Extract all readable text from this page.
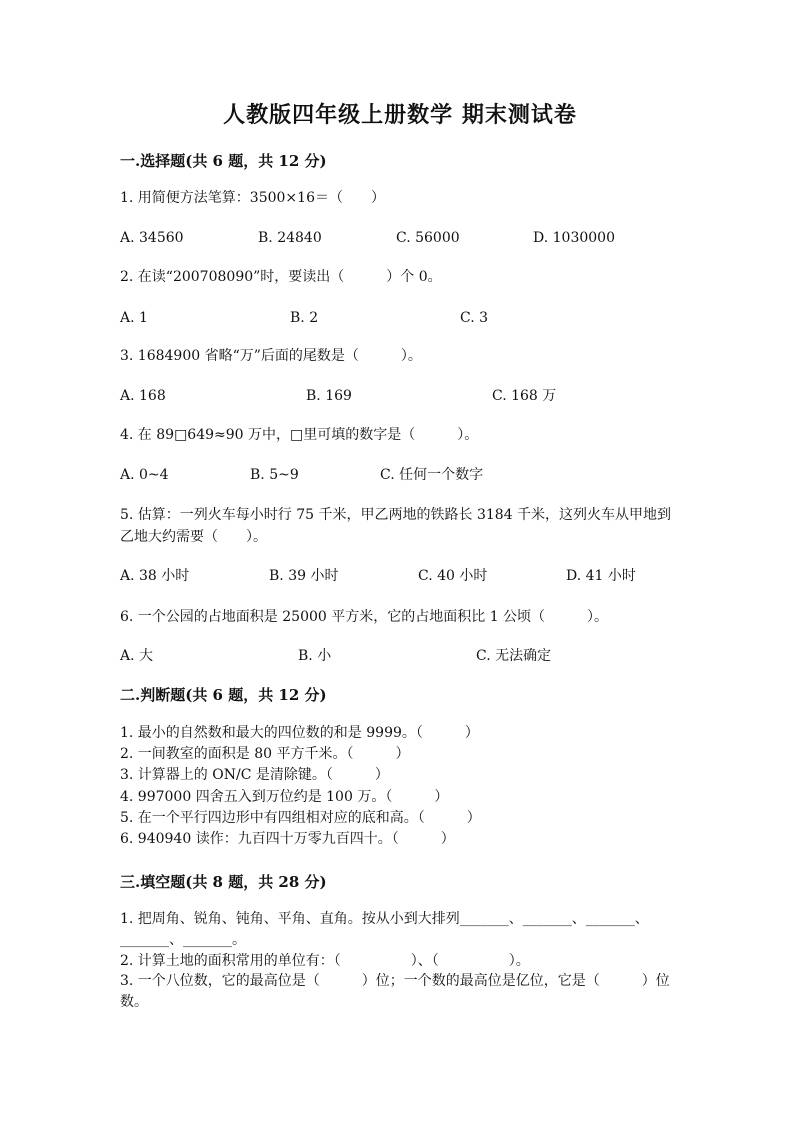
人教版四年级上册数学 期末测试卷
一.选择题(共 6 题，共 12 分)
1. 用简便方法笔算：3500×16＝（　　）
A. 34560	B. 24840	C. 56000	D. 1030000
2. 在读“200708090”时，要读出（　　　）个 0。
A. 1	B. 2	C. 3
3. 1684900 省略“万”后面的尾数是（　　　）。
A. 168	B. 169	C. 168 万
4. 在 89□649≈90 万中，□里可填的数字是（　　　）。
A. 0~4	B. 5~9	C. 任何一个数字
5. 估算：一列火车每小时行 75 千米，甲乙两地的铁路长 3184 千米，这列火车从甲地到乙地大约需要（　　）。
A. 38 小时	B. 39 小时	C. 40 小时	D. 41 小时
6. 一个公园的占地面积是 25000 平方米，它的占地面积比 1 公顷（　　　）。
A. 大	B. 小	C. 无法确定
二.判断题(共 6 题，共 12 分)
1. 最小的自然数和最大的四位数的和是 9999。（　　　）
2. 一间教室的面积是 80 平方千米。（　　　）
3. 计算器上的 ON/C 是清除键。（　　　）
4. 997000 四舍五入到万位约是 100 万。（　　　）
5. 在一个平行四边形中有四组相对应的底和高。（　　　）
6. 940940 读作：九百四十万零九百四十。（　　　）
三.填空题(共 8 题，共 28 分)
1. 把周角、锐角、钝角、平角、直角。按从小到大排列_______、_______、_______、_______、_______。
2. 计算土地的面积常用的单位有：（　　　　　）、（　　　　　）。
3. 一个八位数，它的最高位是（　　　）位；一个数的最高位是亿位，它是（　　　）位数。
